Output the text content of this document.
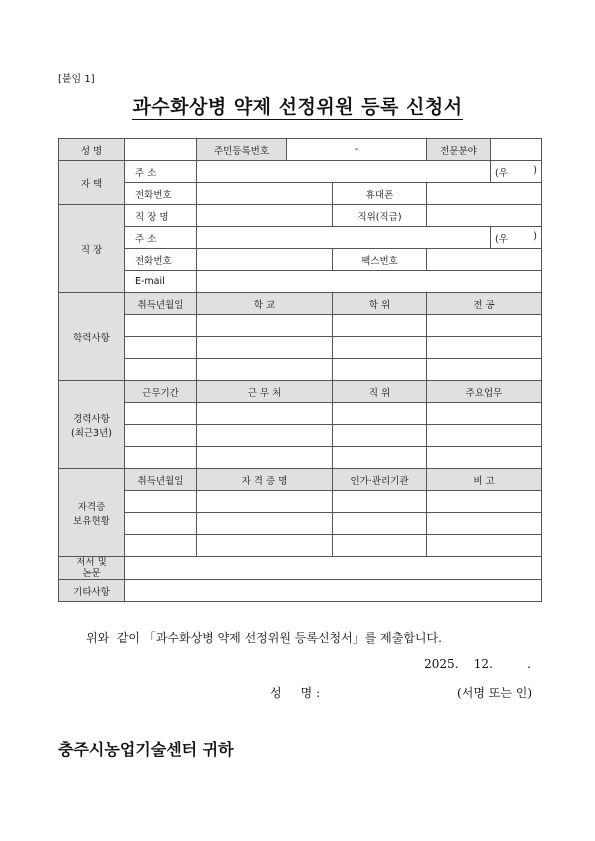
[붙임 1]
과수화상병 약제 선정위원 등록 신청서
성 명		주민등록번호	-		전문분야	
자 택	주 소					(우 )

	전화번호			휴대폰		
직 장	직 장 명			직위(직급)		
	주 소					(우 )

	전화번호			팩스번호		
	E-mail					
학력사항	취득년월일	학 교		학 위	전 공	

경력사항
(최근3년)	근무기간	근 무 처		직 위	주요업무	

자격증
보유현황	취득년월일	자 격 증 명		인가·관리기관	비 고	

저서 및
논문						
기타사항						
위와  같이 「과수화상병 약제 선정위원 등록신청서」를 제출합니다.
2025.    12.         .
성     명 :	(서명 또는 인)
충주시농업기술센터 귀하
